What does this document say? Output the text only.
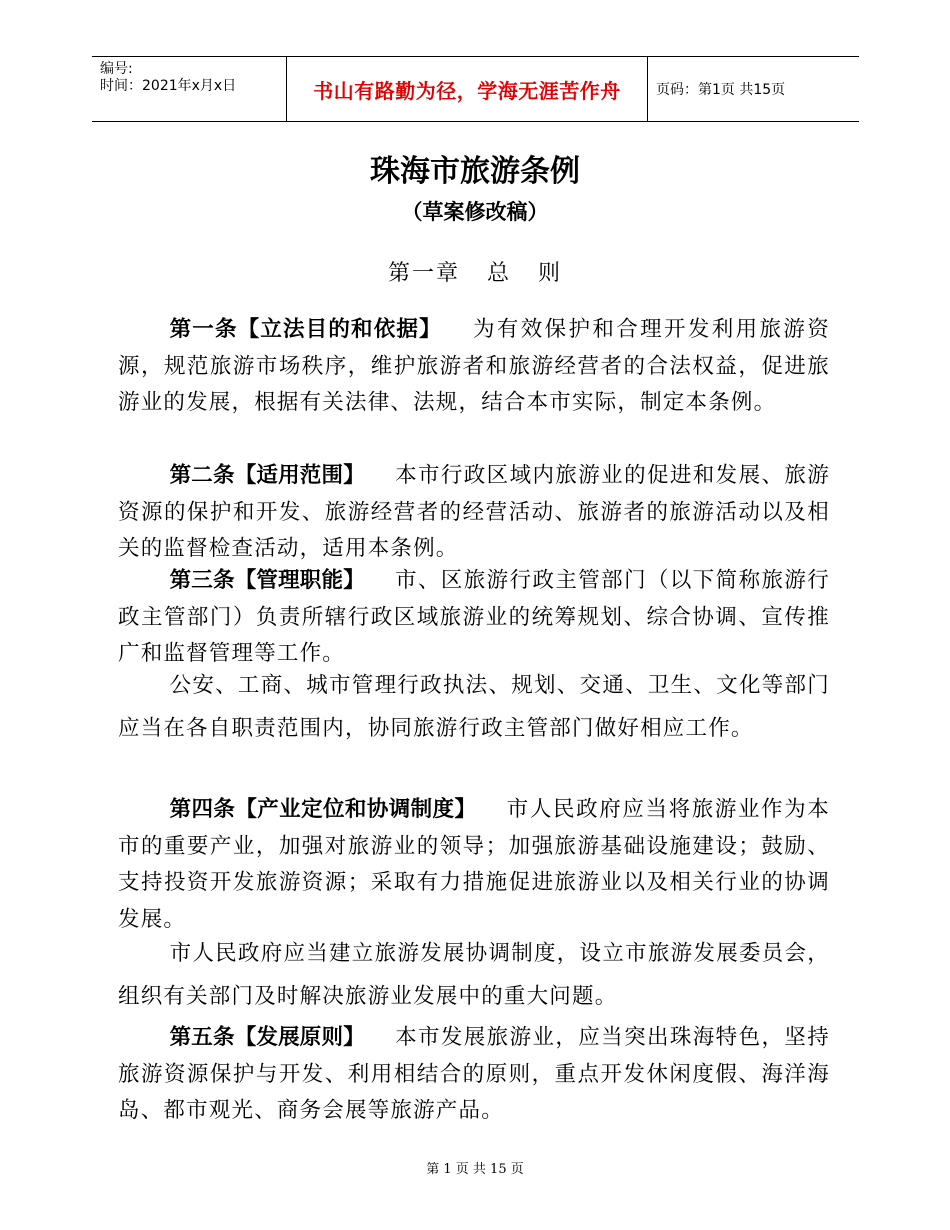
编号:
时间：2021年x月x日	书山有路勤为径，学海无涯苦作舟	页码：第1页 共15页
珠海市旅游条例
（草案修改稿）
第一章   总   则
第一条【立法目的和依据】 为有效保护和合理开发利用旅游资源，规范旅游市场秩序，维护旅游者和旅游经营者的合法权益，促进旅游业的发展，根据有关法律、法规，结合本市实际，制定本条例。
第二条【适用范围】 本市行政区域内旅游业的促进和发展、旅游资源的保护和开发、旅游经营者的经营活动、旅游者的旅游活动以及相关的监督检查活动，适用本条例。
第三条【管理职能】 市、区旅游行政主管部门（以下简称旅游行政主管部门）负责所辖行政区域旅游业的统筹规划、综合协调、宣传推广和监督管理等工作。
公安、工商、城市管理行政执法、规划、交通、卫生、文化等部门应当在各自职责范围内，协同旅游行政主管部门做好相应工作。
第四条【产业定位和协调制度】 市人民政府应当将旅游业作为本市的重要产业，加强对旅游业的领导；加强旅游基础设施建设；鼓励、支持投资开发旅游资源；采取有力措施促进旅游业以及相关行业的协调发展。
市人民政府应当建立旅游发展协调制度，设立市旅游发展委员会，组织有关部门及时解决旅游业发展中的重大问题。
第五条【发展原则】 本市发展旅游业，应当突出珠海特色，坚持旅游资源保护与开发、利用相结合的原则，重点开发休闲度假、海洋海岛、都市观光、商务会展等旅游产品。
第 1 页 共 15 页
